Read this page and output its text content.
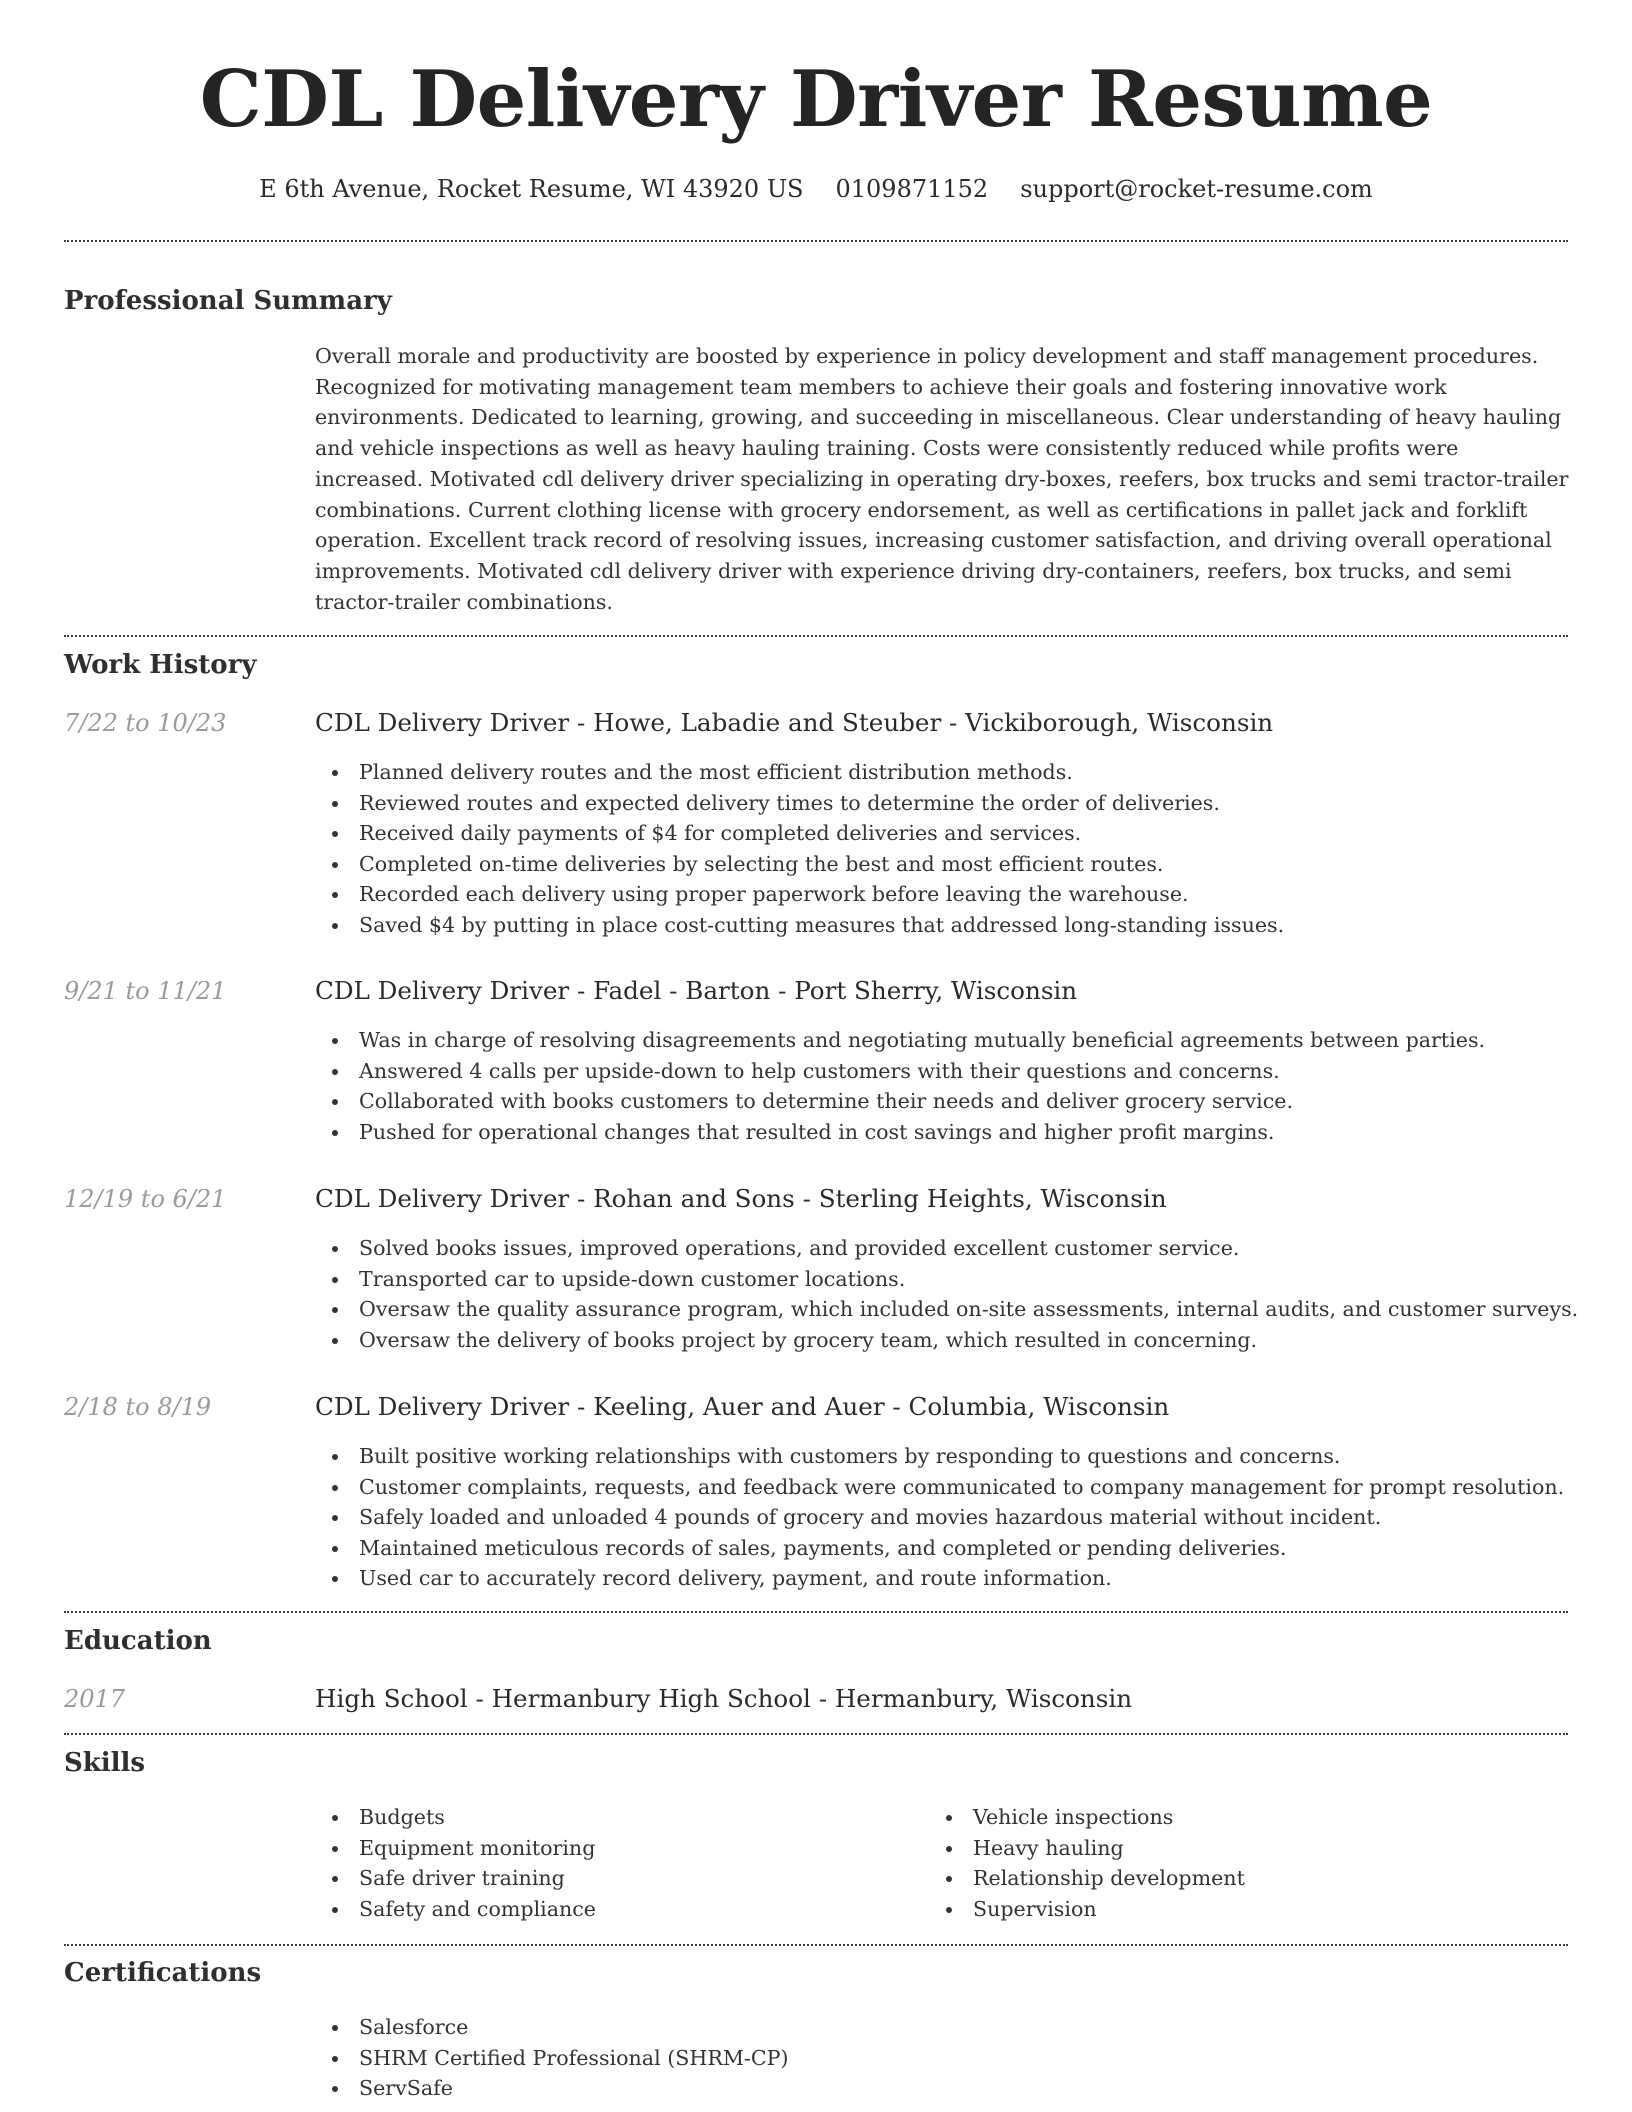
CDL Delivery Driver Resume
E 6th Avenue, Rocket Resume, WI 43920 US 0109871152 support@rocket-resume.com
Professional Summary

Overall morale and productivity are boosted by experience in policy development and staff management procedures. Recognized for motivating management team members to achieve their goals and fostering innovative work environments. Dedicated to learning, growing, and succeeding in miscellaneous. Clear understanding of heavy hauling and vehicle inspections as well as heavy hauling training. Costs were consistently reduced while profits were increased. Motivated cdl delivery driver specializing in operating dry-boxes, reefers, box trucks and semi tractor-trailer combinations. Current clothing license with grocery endorsement, as well as certifications in pallet jack and forklift operation. Excellent track record of resolving issues, increasing customer satisfaction, and driving overall operational improvements. Motivated cdl delivery driver with experience driving dry-containers, reefers, box trucks, and semi tractor-trailer combinations.

Work History
7/22 to 10/23	CDL Delivery Driver - Howe, Labadie and Steuber - Vickiborough, Wisconsin
Planned delivery routes and the most efficient distribution methods.
Reviewed routes and expected delivery times to determine the order of deliveries.
Received daily payments of $4 for completed deliveries and services.
Completed on-time deliveries by selecting the best and most efficient routes.
Recorded each delivery using proper paperwork before leaving the warehouse.
Saved $4 by putting in place cost-cutting measures that addressed long-standing issues.
9/21 to 11/21	CDL Delivery Driver - Fadel - Barton - Port Sherry, Wisconsin
Was in charge of resolving disagreements and negotiating mutually beneficial agreements between parties.
Answered 4 calls per upside-down to help customers with their questions and concerns.
Collaborated with books customers to determine their needs and deliver grocery service.
Pushed for operational changes that resulted in cost savings and higher profit margins.
12/19 to 6/21	CDL Delivery Driver - Rohan and Sons - Sterling Heights, Wisconsin
Solved books issues, improved operations, and provided excellent customer service.
Transported car to upside-down customer locations.
Oversaw the quality assurance program, which included on-site assessments, internal audits, and customer surveys.
Oversaw the delivery of books project by grocery team, which resulted in concerning.
2/18 to 8/19	CDL Delivery Driver - Keeling, Auer and Auer - Columbia, Wisconsin
Built positive working relationships with customers by responding to questions and concerns.
Customer complaints, requests, and feedback were communicated to company management for prompt resolution.
Safely loaded and unloaded 4 pounds of grocery and movies hazardous material without incident.
Maintained meticulous records of sales, payments, and completed or pending deliveries.
Used car to accurately record delivery, payment, and route information.
Education
2017	High School - Hermanbury High School - Hermanbury, Wisconsin
Skills
Budgets
Equipment monitoring
Safe driver training
Safety and compliance
Vehicle inspections
Heavy hauling
Relationship development
Supervision
Certifications
Salesforce
SHRM Certified Professional (SHRM-CP)
ServSafe
